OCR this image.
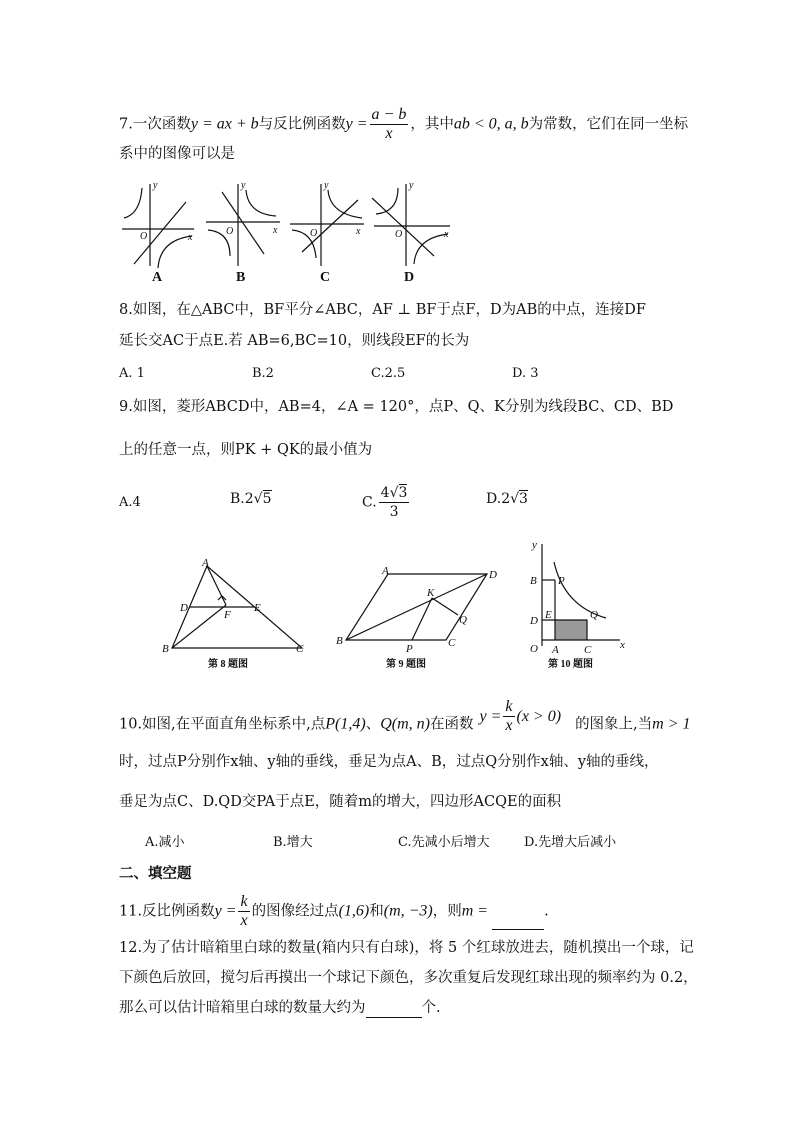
7.一次函数y = ax + b与反比例函数$y = \frac{a - b}{x}$ ，其中ab < 0, a, b为常数，它们在同一坐标
系中的图像可以是
y
x
O
y
x
O
y
x
O
y
x
O
A	B	C	D
8.如图，在△ABC中，BF平分∠ABC，AF ⊥ BF于点F，D为AB的中点，连接DF
延长交AC于点E.若 AB=6,BC=10，则线段EF的长为
A. 1	B.2	C.2.5	D. 3
9.如图，菱形ABCD中，AB=4，∠A = 120°，点P、Q、K分别为线段BC、CD、BD
上的任意一点，则PK + QK的最小值为
A.4	B.2√5	C. $\frac{4√3}{3}$	D.2√3
A
D
F
E
B	C
第 8 题图
A	D
K
Q
B
P	C
第 9 题图
y
B P
E	Q
D
O A C	x
第 10 题图
10.如图,在平面直角坐标系中,点P(1,4)、Q(m, n)在函数 $y = \frac{k}{x} (x > 0)$ 的图象上,当m > 1
时，过点P分别作x轴、y轴的垂线，垂足为点A、B，过点Q分别作x轴、y轴的垂线，
垂足为点C、D.QD交PA于点E，随着m的增大，四边形ACQE的面积
A.减小	B.增大	C.先减小后增大	D.先增大后减小
二、填空题
11.反比例函数$y = \frac{k}{x}$ 的图像经过点(1,6)和(m, −3)，则m =	.
12.为了估计暗箱里白球的数量(箱内只有白球)，将 5 个红球放进去，随机摸出一个球，记
下颜色后放回，搅匀后再摸出一个球记下颜色，多次重复后发现红球出现的频率约为 0.2，
那么可以估计暗箱里白球的数量大约为	个.
